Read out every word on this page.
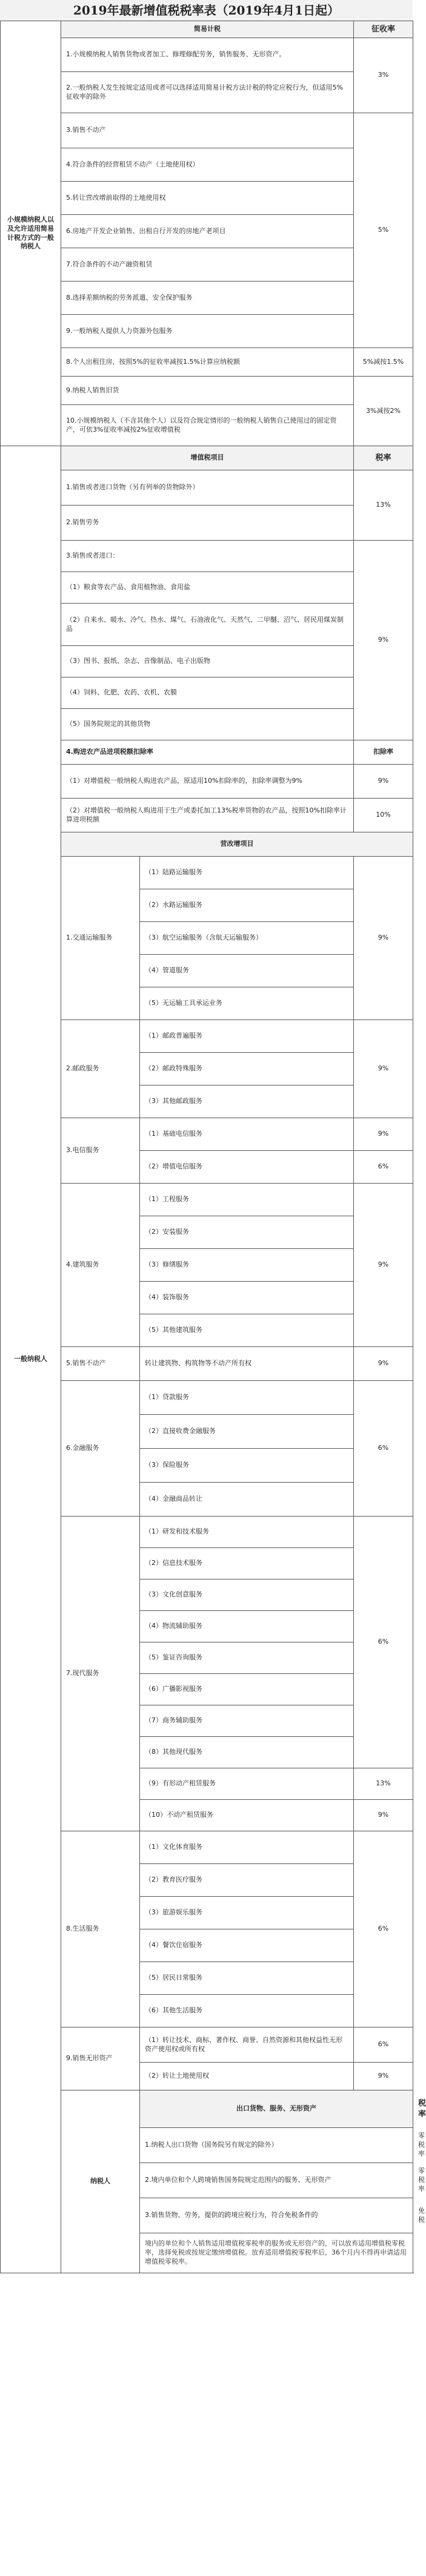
2019年最新增值税税率表（2019年4月1日起）
小规模纳税人以及允许适用简易计税方式的一般纳税人	简易计税		征收率	
	1.小规模纳税人销售货物或者加工、修理修配劳务，销售服务、无形资产。		3%	
	2.一般纳税人发生按规定适用或者可以选择适用简易计税方法计税的特定应税行为，但适用5%征收率的除外			
	3.销售不动产		5%	
	4.符合条件的经营租赁不动产（土地使用权）			
	5.转让营改增前取得的土地使用权			
	6.房地产开发企业销售、出租自行开发的房地产老项目			
	7.符合条件的不动产融资租赁			
	8.选择差额纳税的劳务派遣、安全保护服务			
	9.一般纳税人提供人力资源外包服务			
	8.个人出租住房，按照5%的征收率减按1.5%计算应纳税额		5%减按1.5%	
	9.纳税人销售旧货		3%减按2%	
	10.小规模纳税人（不含其他个人）以及符合规定情形的一般纳税人销售自己使用过的固定资产，可依3%征收率减按2%征收增值税			
一般纳税人	增值税项目		税率	
	1.销售或者进口货物（另有列举的货物除外）		13%	
	2.销售劳务			
	3.销售或者进口：		9%	
	（1）粮食等农产品、食用植物油、食用盐			
	（2）自来水、暖水、冷气、热水、煤气、石油液化气、天然气、二甲醚、沼气、居民用煤炭制品			
	（3）图书、报纸、杂志、音像制品、电子出版物			
	（4）饲料、化肥、农药、农机、农膜			
	（5）国务院规定的其他货物			
	4.购进农产品进项税额扣除率		扣除率	
	（1）对增值税一般纳税人购进农产品，原适用10%扣除率的，扣除率调整为9%		9%	
	（2）对增值税一般纳税人购进用于生产或委托加工13%税率货物的农产品，按照10%扣除率计算进项税额		10%	
	营改增项目			
	1.交通运输服务	（1）陆路运输服务	9%	
		（2）水路运输服务		
		（3）航空运输服务（含航天运输服务）		
		（4）管道服务		
		（5）无运输工具承运业务		
	2.邮政服务	（1）邮政普遍服务	9%	
		（2）邮政特殊服务		
		（3）其他邮政服务		
	3.电信服务	（1）基础电信服务	9%	
		（2）增值电信服务	6%	
	4.建筑服务	（1）工程服务	9%	
		（2）安装服务		
		（3）修缮服务		
		（4）装饰服务		
		（5）其他建筑服务		
	5.销售不动产	转让建筑物、构筑物等不动产所有权	9%	
	6.金融服务	（1）贷款服务	6%	
		（2）直接收费金融服务		
		（3）保险服务		
		（4）金融商品转让		
	7.现代服务	（1）研发和技术服务	6%	
		（2）信息技术服务		
		（3）文化创意服务		
		（4）物流辅助服务		
		（5）鉴证咨询服务		
		（6）广播影视服务		
		（7）商务辅助服务		
		（8）其他现代服务		
		（9）有形动产租赁服务	13%	
		（10）不动产租赁服务	9%	
	8.生活服务	（1）文化体育服务	6%	
		（2）教育医疗服务		
		（3）旅游娱乐服务		
		（4）餐饮住宿服务		
		（5）居民日常服务		
		（6）其他生活服务		
	9.销售无形资产	（1）转让技术、商标、著作权、商誉、自然资源和其他权益性无形资产使用权或所有权	6%	
		（2）转让土地使用权	9%	
	纳税人	出口货物、服务、无形资产		税率
		1.纳税人出口货物（国务院另有规定的除外）		零税率
		2.境内单位和个人跨境销售国务院规定范围内的服务、无形资产		零税率
		3.销售货物、劳务，提供的跨境应税行为，符合免税条件的		免税
		境内的单位和个人销售适用增值税零税率的服务或无形资产的，可以放弃适用增值税零税率，选择免税或按规定缴纳增值税。放弃适用增值税零税率后，36个月内不得再申请适用增值税零税率。		
